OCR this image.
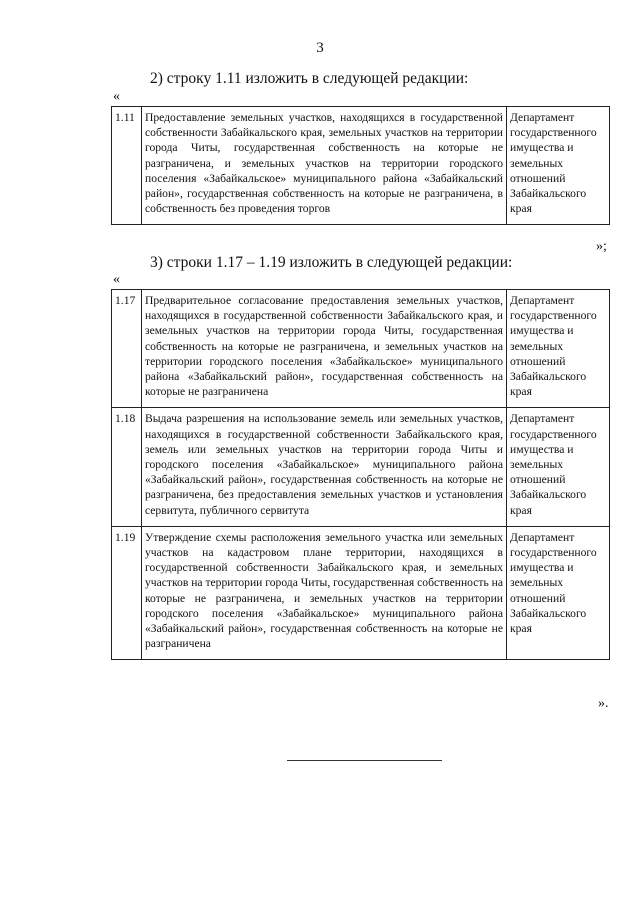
3
2) строку 1.11 изложить в следующей редакции:
«
1.11	Предоставление земельных участков, находящихся в государственной собственности Забайкальского края, земельных участков на территории города Читы, государственная собственность на которые не разграничена, и земельных участков на территории городского поселения «Забайкальское» муниципального района «Забайкальский район», государственная собственность на которые не разграничена, в собственность без проведения торгов	Департамент государственного имущества и земельных отношений Забайкальского края
»;
3) строки 1.17 – 1.19 изложить в следующей редакции:
«
1.17	Предварительное согласование предоставления земельных участков, находящихся в государственной собственности Забайкальского края, и земельных участков на территории города Читы, государственная собственность на которые не разграничена, и земельных участков на территории городского поселения «Забайкальское» муниципального района «Забайкальский район», государственная собственность на которые не разграничена	Департамент государственного имущества и земельных отношений Забайкальского края
1.18	Выдача разрешения на использование земель или земельных участков, находящихся в государственной собственности Забайкальского края, земель или земельных участков на территории города Читы и городского поселения «Забайкальское» муниципального района «Забайкальский район», государственная собственность на которые не разграничена, без предоставления земельных участков и установления сервитута, публичного сервитута	Департамент государственного имущества и земельных отношений Забайкальского края
1.19	Утверждение схемы расположения земельного участка или земельных участков на кадастровом плане территории, находящихся в государственной собственности Забайкальского края, и земельных участков на территории города Читы, государственная собственность на которые не разграничена, и земельных участков на территории городского поселения «Забайкальское» муниципального района «Забайкальский район», государственная собственность на которые не разграничена	Департамент государственного имущества и земельных отношений Забайкальского края
».
